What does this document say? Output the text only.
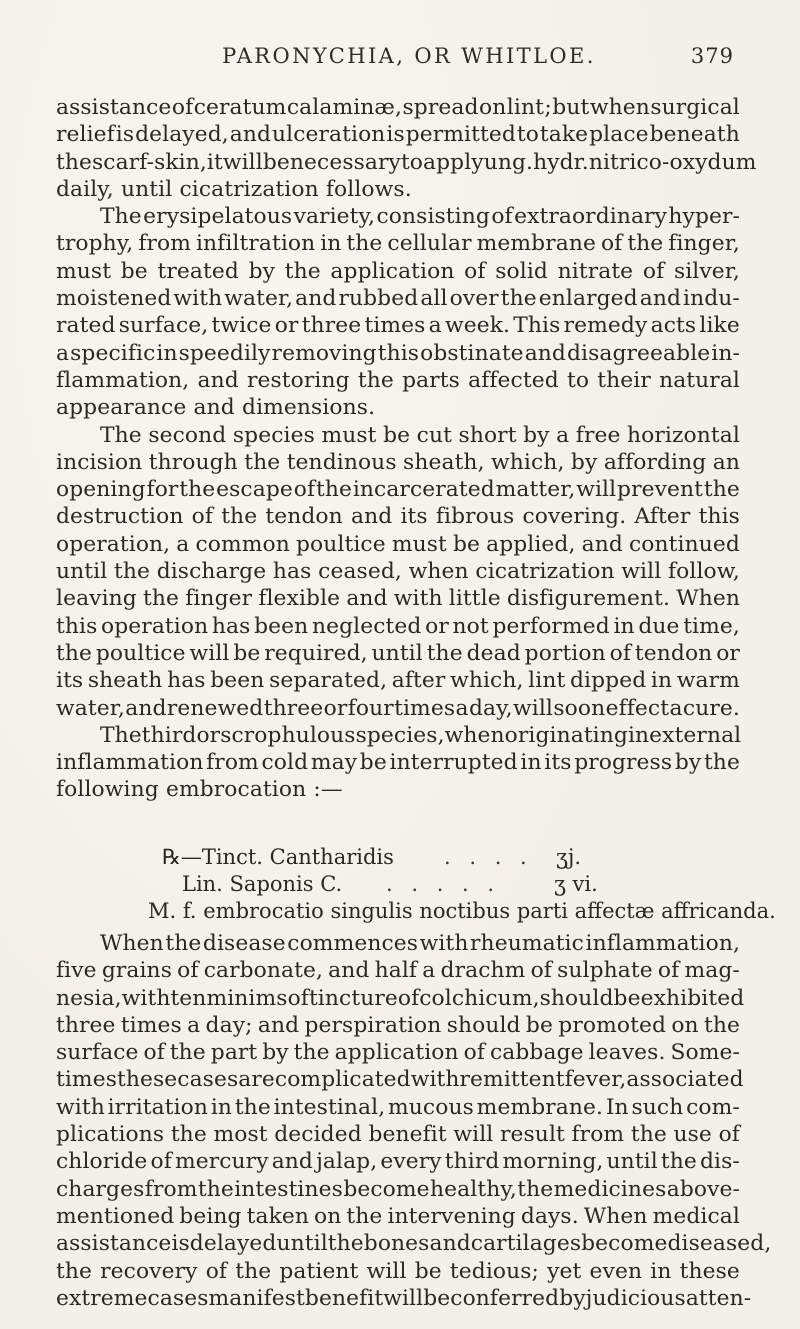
PARONYCHIA, OR WHITLOE.	379
assistance of ceratum calaminæ, spread on lint ; but when surgical
relief is delayed, and ulceration is permitted to take place beneath
the scarf-skin, it will be necessary to apply ung. hydr. nitrico-oxydum
daily, until cicatrization follows.
The erysipelatous variety, consisting of extraordinary hyper-
trophy, from infiltration in the cellular membrane of the finger,
must be treated by the application of solid nitrate of silver,
moistened with water, and rubbed all over the enlarged and indu-
rated surface, twice or three times a week. This remedy acts like
a specific in speedily removing this obstinate and disagreeable in-
flammation, and restoring the parts affected to their natural
appearance and dimensions.
The second species must be cut short by a free horizontal
incision through the tendinous sheath, which, by affording an
opening for the escape of the incarcerated matter, will prevent the
destruction of the tendon and its fibrous covering. After this
operation, a common poultice must be applied, and continued
until the discharge has ceased, when cicatrization will follow,
leaving the finger flexible and with little disfigurement. When
this operation has been neglected or not performed in due time,
the poultice will be required, until the dead portion of tendon or
its sheath has been separated, after which, lint dipped in warm
water, and renewed three or four times a day, will soon effect a cure.
The third or scrophulous species, when originating in external
inflammation from cold may be interrupted in its progress by the
following embrocation :—
℞—Tinct. Cantharidis . . . . ʒj.
Lin. Saponis C. . . . . .	ʒ vi.
M. f. embrocatio singulis noctibus parti affectæ affricanda.
When the disease commences with rheumatic inflammation,
five grains of carbonate, and half a drachm of sulphate of mag-
nesia, with ten minims of tincture of colchicum, should be exhibited
three times a day; and perspiration should be promoted on the
surface of the part by the application of cabbage leaves. Some-
times these cases are complicated with remittent fever, associated
with irritation in the intestinal, mucous membrane. In such com-
plications the most decided benefit will result from the use of
chloride of mercury and jalap, every third morning, until the dis-
charges from the intestines become healthy, the medicines above-
mentioned being taken on the intervening days. When medical
assistance is delayed until the bones and cartilages become diseased,
the recovery of the patient will be tedious; yet even in these
extreme cases manifest benefit will be conferred by judicious atten-
